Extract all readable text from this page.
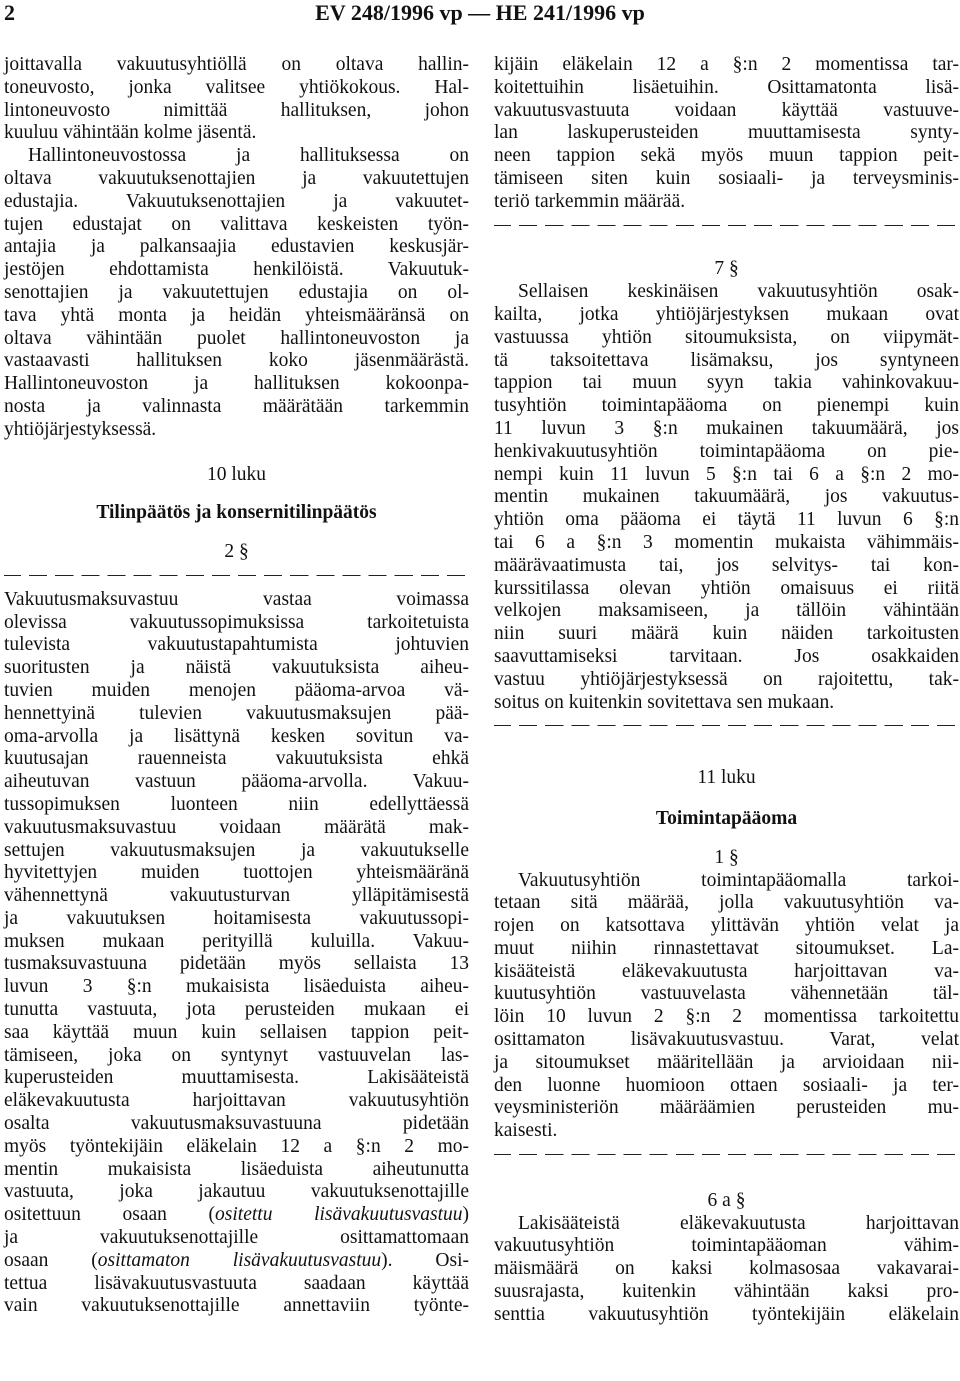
2	EV 248/1996 vp — HE 241/1996 vp
joittavalla vakuutusyhtiöllä on oltava hallin-
toneuvosto, jonka valitsee yhtiökokous. Hal-
lintoneuvosto nimittää hallituksen, johon
kuuluu vähintään kolme jäsentä.
Hallintoneuvostossa ja hallituksessa on
oltava vakuutuksenottajien ja vakuutettujen
edustajia. Vakuutuksenottajien ja vakuutet-
tujen edustajat on valittava keskeisten työn-
antajia ja palkansaajia edustavien keskusjär-
jestöjen ehdottamista henkilöistä. Vakuutuk-
senottajien ja vakuutettujen edustajia on ol-
tava yhtä monta ja heidän yhteismääränsä on
oltava vähintään puolet hallintoneuvoston ja
vastaavasti hallituksen koko jäsenmäärästä.
Hallintoneuvoston ja hallituksen kokoonpa-
nosta ja valinnasta määrätään tarkemmin
yhtiöjärjestyksessä.
10 luku
Tilinpäätös ja konsernitilinpäätös
2 §
Vakuutusmaksuvastuu vastaa voimassa
olevissa vakuutussopimuksissa tarkoitetuista
tulevista vakuutustapahtumista johtuvien
suoritusten ja näistä vakuutuksista aiheu-
tuvien muiden menojen pääoma-arvoa vä-
hennettyinä tulevien vakuutusmaksujen pää-
oma-arvolla ja lisättynä kesken sovitun va-
kuutusajan rauenneista vakuutuksista ehkä
aiheutuvan vastuun pääoma-arvolla. Vakuu-
tussopimuksen luonteen niin edellyttäessä
vakuutusmaksuvastuu voidaan määrätä mak-
settujen vakuutusmaksujen ja vakuutukselle
hyvitettyjen muiden tuottojen yhteismääränä
vähennettynä vakuutusturvan ylläpitämisestä
ja vakuutuksen hoitamisesta vakuutussopi-
muksen mukaan perityillä kuluilla. Vakuu-
tusmaksuvastuuna pidetään myös sellaista 13
luvun 3 §:n mukaisista lisäeduista aiheu-
tunutta vastuuta, jota perusteiden mukaan ei
saa käyttää muun kuin sellaisen tappion peit-
tämiseen, joka on syntynyt vastuuvelan las-
kuperusteiden muuttamisesta. Lakisääteistä
eläkevakuutusta harjoittavan vakuutusyhtiön
osalta vakuutusmaksuvastuuna pidetään
myös työntekijäin eläkelain 12 a §:n 2 mo-
mentin mukaisista lisäeduista aiheutunutta
vastuuta, joka jakautuu vakuutuksenottajille
ositettuun osaan (ositettu lisävakuutusvastuu)
ja vakuutuksenottajille osittamattomaan
osaan (osittamaton lisävakuutusvastuu). Osi-
tettua lisävakuutusvastuuta saadaan käyttää
vain vakuutuksenottajille annettaviin työnte-
kijäin eläkelain 12 a §:n 2 momentissa tar-
koitettuihin lisäetuihin. Osittamatonta lisä-
vakuutusvastuuta voidaan käyttää vastuuve-
lan laskuperusteiden muuttamisesta synty-
neen tappion sekä myös muun tappion peit-
tämiseen siten kuin sosiaali- ja terveysminis-
teriö tarkemmin määrää.
7 §
Sellaisen keskinäisen vakuutusyhtiön osak-
kailta, jotka yhtiöjärjestyksen mukaan ovat
vastuussa yhtiön sitoumuksista, on viipymät-
tä taksoitettava lisämaksu, jos syntyneen
tappion tai muun syyn takia vahinkovakuu-
tusyhtiön toimintapääoma on pienempi kuin
11 luvun 3 §:n mukainen takuumäärä, jos
henkivakuutusyhtiön toimintapääoma on pie-
nempi kuin 11 luvun 5 §:n tai 6 a §:n 2 mo-
mentin mukainen takuumäärä, jos vakuutus-
yhtiön oma pääoma ei täytä 11 luvun 6 §:n
tai 6 a §:n 3 momentin mukaista vähimmäis-
määrävaatimusta tai, jos selvitys- tai kon-
kurssitilassa olevan yhtiön omaisuus ei riitä
velkojen maksamiseen, ja tällöin vähintään
niin suuri määrä kuin näiden tarkoitusten
saavuttamiseksi tarvitaan. Jos osakkaiden
vastuu yhtiöjärjestyksessä on rajoitettu, tak-
soitus on kuitenkin sovitettava sen mukaan.
11 luku
Toimintapääoma
1 §
Vakuutusyhtiön toimintapääomalla tarkoi-
tetaan sitä määrää, jolla vakuutusyhtiön va-
rojen on katsottava ylittävän yhtiön velat ja
muut niihin rinnastettavat sitoumukset. La-
kisääteistä eläkevakuutusta harjoittavan va-
kuutusyhtiön vastuuvelasta vähennetään täl-
löin 10 luvun 2 §:n 2 momentissa tarkoitettu
osittamaton lisävakuutusvastuu. Varat, velat
ja sitoumukset määritellään ja arvioidaan nii-
den luonne huomioon ottaen sosiaali- ja ter-
veysministeriön määräämien perusteiden mu-
kaisesti.
6 a §
Lakisääteistä eläkevakuutusta harjoittavan
vakuutusyhtiön toimintapääoman vähim-
mäismäärä on kaksi kolmasosaa vakavarai-
suusrajasta, kuitenkin vähintään kaksi pro-
senttia vakuutusyhtiön työntekijäin eläkelain
